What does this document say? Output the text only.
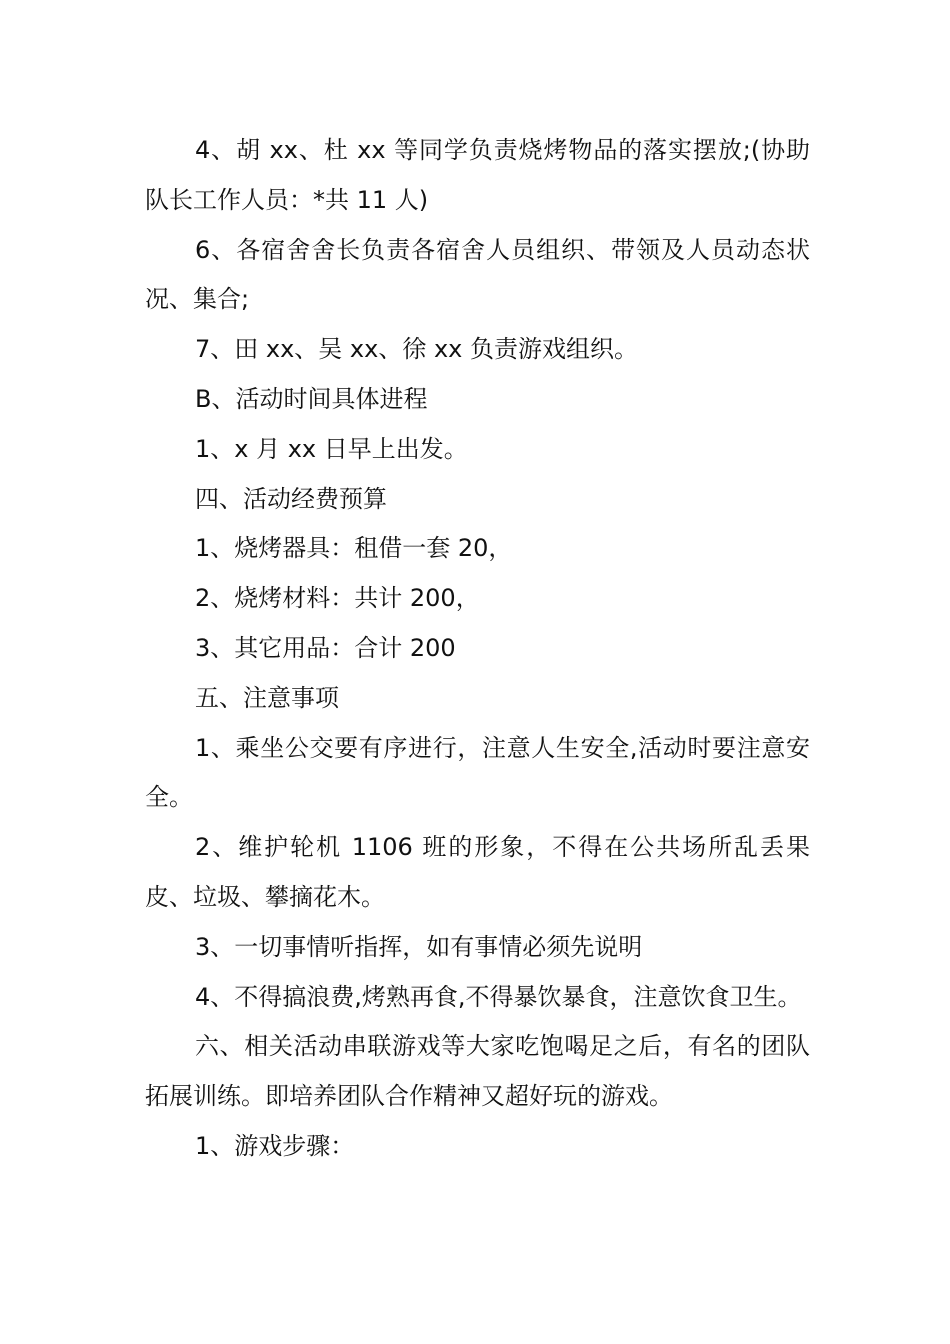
4、胡 xx、杜 xx 等同学负责烧烤物品的落实摆放;(协助队长工作人员：*共 11 人)

6、各宿舍舍长负责各宿舍人员组织、带领及人员动态状况、集合;

7、田 xx、吴 xx、徐 xx 负责游戏组织。

B、活动时间具体进程

1、x 月 xx 日早上出发。

四、活动经费预算

1、烧烤器具：租借一套 20，

2、烧烤材料：共计 200，

3、其它用品：合计 200

五、注意事项

1、乘坐公交要有序进行，注意人生安全,活动时要注意安全。

2、维护轮机 1106 班的形象，不得在公共场所乱丢果皮、垃圾、攀摘花木。

3、一切事情听指挥，如有事情必须先说明

4、不得搞浪费,烤熟再食,不得暴饮暴食，注意饮食卫生。

六、相关活动串联游戏等大家吃饱喝足之后，有名的团队拓展训练。即培养团队合作精神又超好玩的游戏。

1、游戏步骤：
